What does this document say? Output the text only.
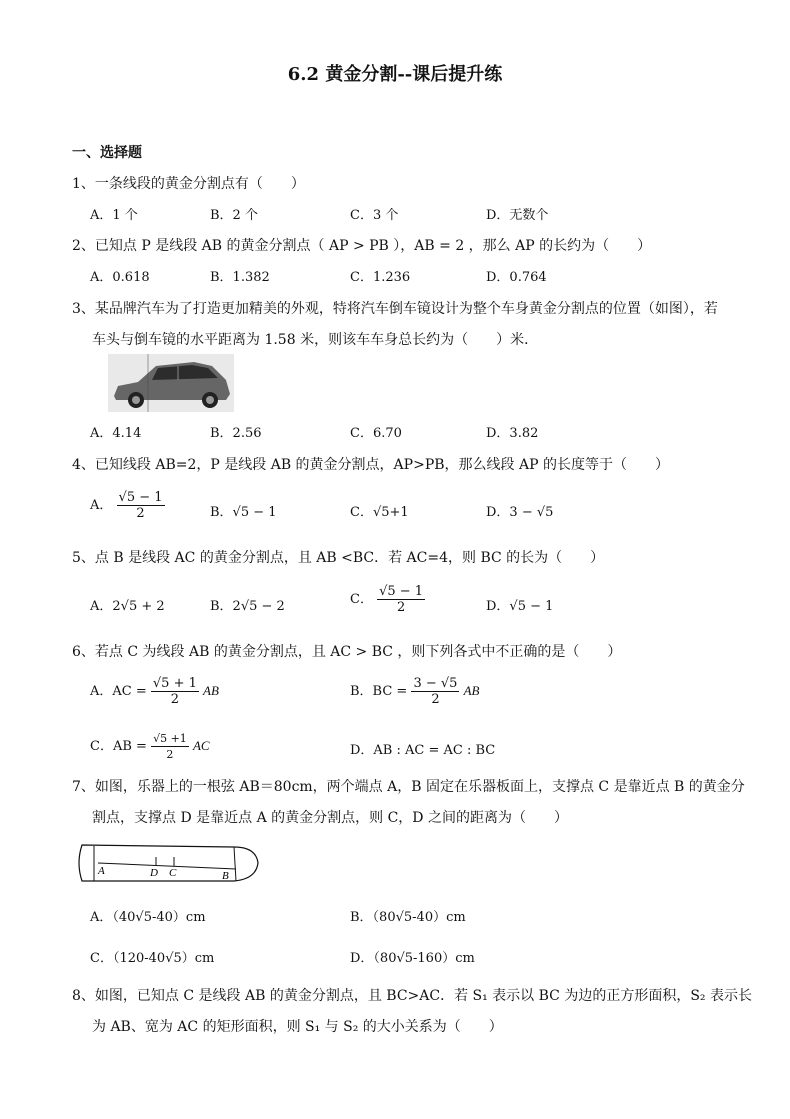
6.2 黄金分割--课后提升练
一、选择题
1、一条线段的黄金分割点有（　　）
A．1 个	B．2 个	C．3 个	D．无数个
2、已知点 P 是线段 AB 的黄金分割点（ AP > PB ），AB = 2 ，那么 AP 的长约为（　　）
A．0.618	B．1.382	C．1.236	D．0.764
3、某品牌汽车为了打造更加精美的外观，特将汽车倒车镜设计为整个车身黄金分割点的位置（如图），若
车头与倒车镜的水平距离为 1.58 米，则该车车身总长约为（　　）米．
A．4.14	B．2.56	C．6.70	D．3.82
4、已知线段 AB=2，P 是线段 AB 的黄金分割点，AP>PB，那么线段 AP 的长度等于（　　）
A． $\frac{√5 - 1}{2}$	B．√5 − 1	C．√5+1	D．3 − √5
5、点 B 是线段 AC 的黄金分割点，且 AB <BC．若 AC=4，则 BC 的长为（　　）
A．2√5 + 2	B．2√5 − 2	C． $\frac{√5 - 1}{2}$	D．√5 − 1
6、若点 C 为线段 AB 的黄金分割点，且 AC > BC ，则下列各式中不正确的是（　　）
A．AC = $\frac{√5 + 1}{2}$ AB	B．BC = $\frac{3 - √5}{2}$ AB
C．AB = $\frac{√5 +1}{2}$ AC	D．AB : AC = AC : BC
7、如图，乐器上的一根弦 AB＝80cm，两个端点 A，B 固定在乐器板面上，支撑点 C 是靠近点 B 的黄金分
割点，支撑点 D 是靠近点 A 的黄金分割点，则 C，D 之间的距离为（　　）
A	D C	B
A．（40√5-40）cm	B．（80√5-40）cm
C．（120-40√5）cm	D．（80√5-160）cm
8、如图，已知点 C 是线段 AB 的黄金分割点，且 BC>AC．若 S₁ 表示以 BC 为边的正方形面积，S₂ 表示长
为 AB、宽为 AC 的矩形面积，则 S₁ 与 S₂ 的大小关系为（　　）
